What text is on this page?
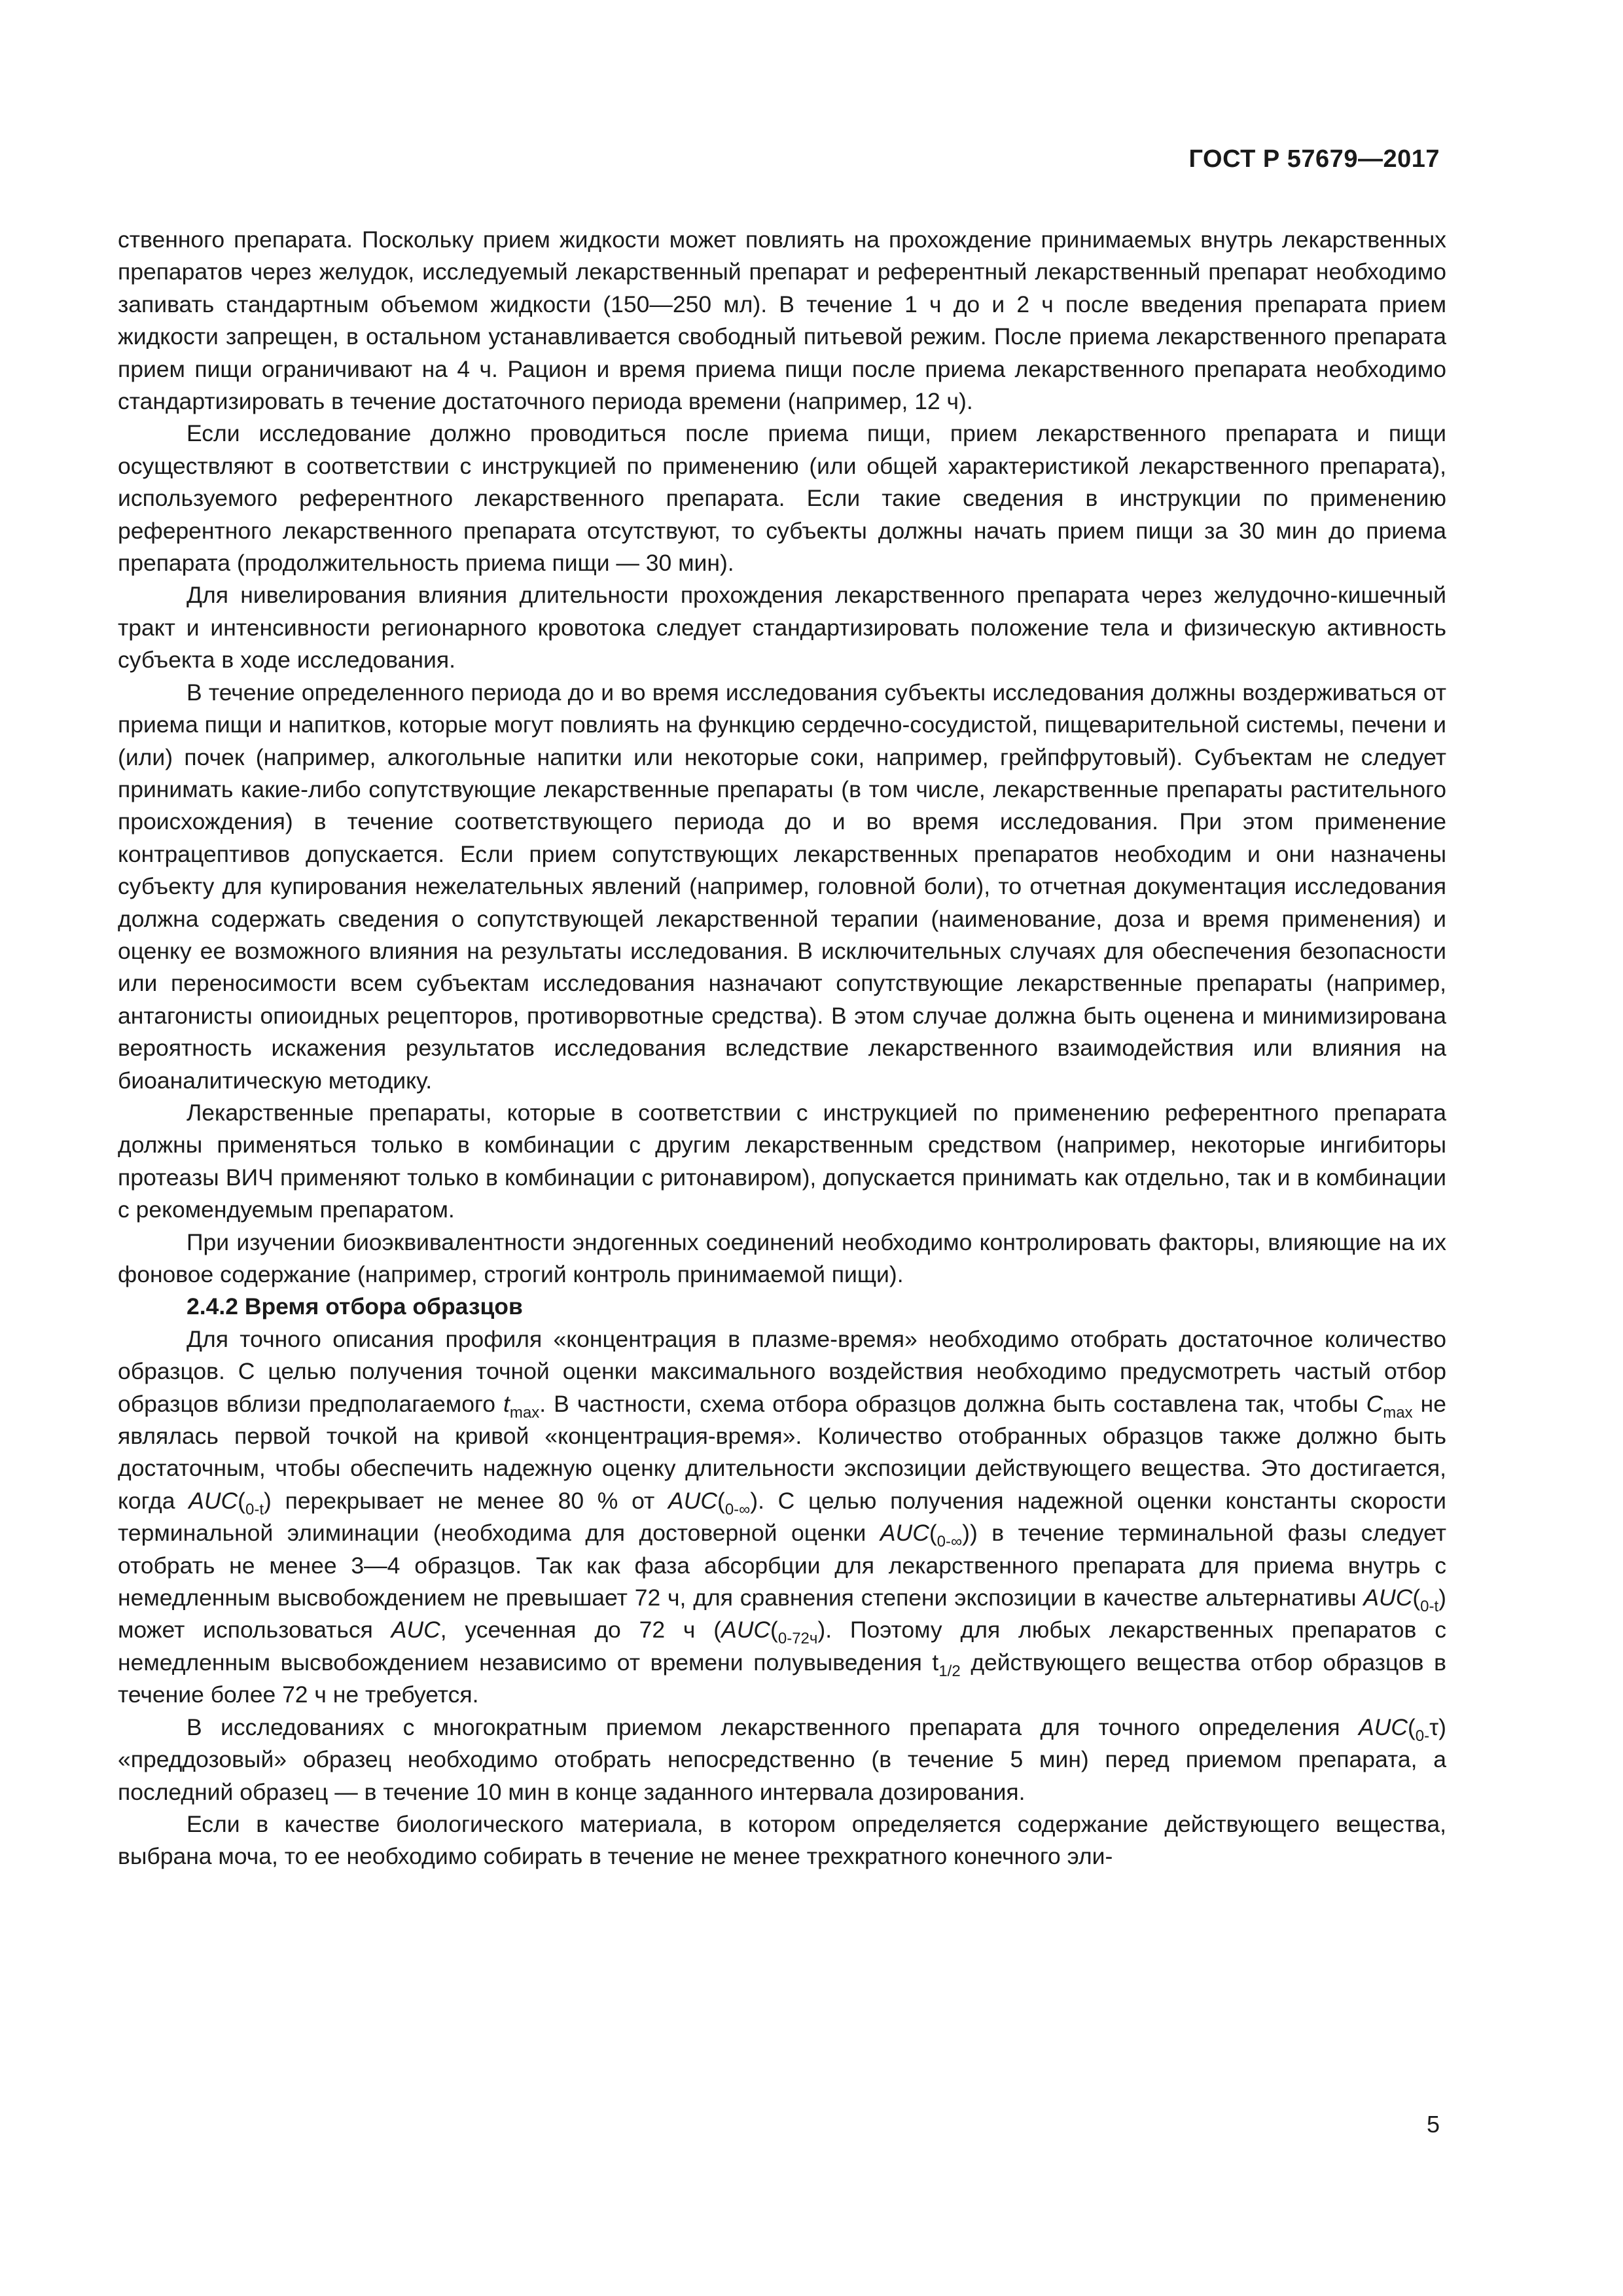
ГОСТ Р 57679—2017

ственного препарата. Поскольку прием жидкости может повлиять на прохождение принимаемых внутрь лекарственных препаратов через желудок, исследуемый лекарственный препарат и референтный лекарственный препарат необходимо запивать стандартным объемом жидкости (150—250 мл). В течение 1 ч до и 2 ч после введения препарата прием жидкости запрещен, в остальном устанавливается свободный питьевой режим. После приема лекарственного препарата прием пищи ограничивают на 4 ч. Рацион и время приема пищи после приема лекарственного препарата необходимо стандартизировать в течение достаточного периода времени (например, 12 ч).

Если исследование должно проводиться после приема пищи, прием лекарственного препарата и пищи осуществляют в соответствии с инструкцией по применению (или общей характеристикой лекарственного препарата), используемого референтного лекарственного препарата. Если такие сведения в инструкции по применению референтного лекарственного препарата отсутствуют, то субъекты должны начать прием пищи за 30 мин до приема препарата (продолжительность приема пищи — 30 мин).

Для нивелирования влияния длительности прохождения лекарственного препарата через желудочно-кишечный тракт и интенсивности регионарного кровотока следует стандартизировать положение тела и физическую активность субъекта в ходе исследования.

В течение определенного периода до и во время исследования субъекты исследования должны воздерживаться от приема пищи и напитков, которые могут повлиять на функцию сердечно-сосудистой, пищеварительной системы, печени и (или) почек (например, алкогольные напитки или некоторые соки, например, грейпфрутовый). Субъектам не следует принимать какие-либо сопутствующие лекарственные препараты (в том числе, лекарственные препараты растительного происхождения) в течение соответствующего периода до и во время исследования. При этом применение контрацептивов допускается. Если прием сопутствующих лекарственных препаратов необходим и они назначены субъекту для купирования нежелательных явлений (например, головной боли), то отчетная документация исследования должна содержать сведения о сопутствующей лекарственной терапии (наименование, доза и время применения) и оценку ее возможного влияния на результаты исследования. В исключительных случаях для обеспечения безопасности или переносимости всем субъектам исследования назначают сопутствующие лекарственные препараты (например, антагонисты опиоидных рецепторов, противорвотные средства). В этом случае должна быть оценена и минимизирована вероятность искажения результатов исследования вследствие лекарственного взаимодействия или влияния на биоаналитическую методику.

Лекарственные препараты, которые в соответствии с инструкцией по применению референтного препарата должны применяться только в комбинации с другим лекарственным средством (например, некоторые ингибиторы протеазы ВИЧ применяют только в комбинации с ритонавиром), допускается принимать как отдельно, так и в комбинации с рекомендуемым препаратом.

При изучении биоэквивалентности эндогенных соединений необходимо контролировать факторы, влияющие на их фоновое содержание (например, строгий контроль принимаемой пищи).

2.4.2 Время отбора образцов

Для точного описания профиля «концентрация в плазме-время» необходимо отобрать достаточное количество образцов. С целью получения точной оценки максимального воздействия необходимо предусмотреть частый отбор образцов вблизи предполагаемого $t_{max}$. В частности, схема отбора образцов должна быть составлена так, чтобы $C_{max}$ не являлась первой точкой на кривой «концентрация-время». Количество отобранных образцов также должно быть достаточным, чтобы обеспечить надежную оценку длительности экспозиции действующего вещества. Это достигается, когда $AUC(_{0-t})$ перекрывает не менее 80 % от $AUC(_{0-\infty})$. С целью получения надежной оценки константы скорости терминальной элиминации (необходима для достоверной оценки $AUC(_{0-\infty})$) в течение терминальной фазы следует отобрать не менее 3—4 образцов. Так как фаза абсорбции для лекарственного препарата для приема внутрь с немедленным высвобождением не превышает 72 ч, для сравнения степени экспозиции в качестве альтернативы $AUC(_{0-t})$ может использоваться AUC, усеченная до 72 ч ($AUC(_{0-72ч})$. Поэтому для любых лекарственных препаратов с немедленным высвобождением независимо от времени полувыведения $t_{1/2}$ действующего вещества отбор образцов в течение более 72 ч не требуется.

В исследованиях с многократным приемом лекарственного препарата для точного определения $AUC(_{0-}\tau)$ «преддозовый» образец необходимо отобрать непосредственно (в течение 5 мин) перед приемом препарата, а последний образец — в течение 10 мин в конце заданного интервала дозирования.

Если в качестве биологического материала, в котором определяется содержание действующего вещества, выбрана моча, то ее необходимо собирать в течение не менее трехкратного конечного эли-

5
